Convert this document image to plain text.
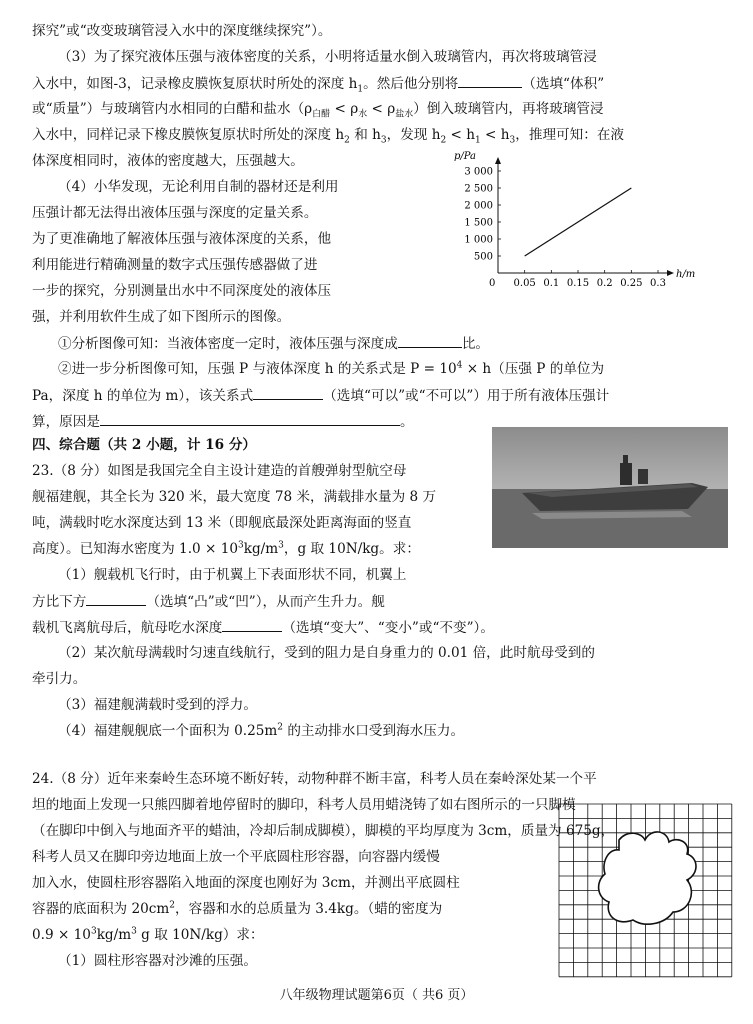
探究”或“改变玻璃管浸入水中的深度继续探究”）。
（3）为了探究液体压强与液体密度的关系，小明将适量水倒入玻璃管内，再次将玻璃管浸
入水中，如图-3，记录橡皮膜恢复原状时所处的深度 $h_1$。然后他分别将	（选填“体积”
或“质量”）与玻璃管内水相同的白醋和盐水$(\rho_{白醋} < \rho_水 < \rho_{盐水})$倒入玻璃管内，再将玻璃管浸
入水中，同样记录下橡皮膜恢复原状时所处的深度 $h_2$ 和 $h_3$，发现 $h_2 < h_1 < h_3$，推理可知：在液
体深度相同时，液体的密度越大，压强越大。
（4）小华发现，无论利用自制的器材还是利用
压强计都无法得出液体压强与深度的定量关系。
为了更准确地了解液体压强与液体深度的关系，他
利用能进行精确测量的数字式压强传感器做了进
一步的探究，分别测量出水中不同深度处的液体压
强，并利用软件生成了如下图所示的图像。
①分析图像可知：当液体密度一定时，液体压强与深度成	比。
②进一步分析图像可知，压强 P 与液体深度 h 的关系式是 $P = 10^4 \times h$（压强 P 的单位为
Pa，深度 h 的单位为 m），该关系式	（选填“可以”或“不可以”）用于所有液体压强计
算，原因是	。
h/m
p/Pa
0 0.05 0.1 0.15 0.2 0.25 0.3
500
1 000
1 500
2 000
2 500
3 000
四、综合题（共 2 小题，计 16 分）
23.（8 分）如图是我国完全自主设计建造的首艘弹射型航空母
舰福建舰，其全长为 320 米，最大宽度 78 米，满载排水量为 8 万
吨，满载时吃水深度达到 13 米（即舰底最深处距离海面的竖直
高度）。已知海水密度为 $1.0 \times 10^3kg/m^3$，g 取 10N/kg。求：
（1）舰载机飞行时，由于机翼上下表面形状不同，机翼上
方比下方	（选填“凸”或“凹”），从而产生升力。舰
载机飞离航母后，航母吃水深度	（选填“变大”、“变小”或“不变”）。
（2）某次航母满载时匀速直线航行，受到的阻力是自身重力的 0.01 倍，此时航母受到的
牵引力。
（3）福建舰满载时受到的浮力。
（4）福建舰舰底一个面积为 $0.25m^2$ 的主动排水口受到海水压力。
24.（8 分）近年来秦岭生态环境不断好转，动物种群不断丰富，科考人员在秦岭深处某一个平
坦的地面上发现一只熊四脚着地停留时的脚印，科考人员用蜡浇铸了如右图所示的一只脚模
（在脚印中倒入与地面齐平的蜡油，冷却后制成脚模），脚模的平均厚度为 3cm，质量为 675g，
科考人员又在脚印旁边地面上放一个平底圆柱形容器，向容器内缓慢
加入水，使圆柱形容器陷入地面的深度也刚好为 3cm，并测出平底圆柱
容器的底面积为 $20cm^2$，容器和水的总质量为 3.4kg。（蜡的密度为
$0.9 \times 10^3kg/m^3$ g 取 10N/kg）求：
（1）圆柱形容器对沙滩的压强。
八年级物理试题第6页（ 共6 页）
